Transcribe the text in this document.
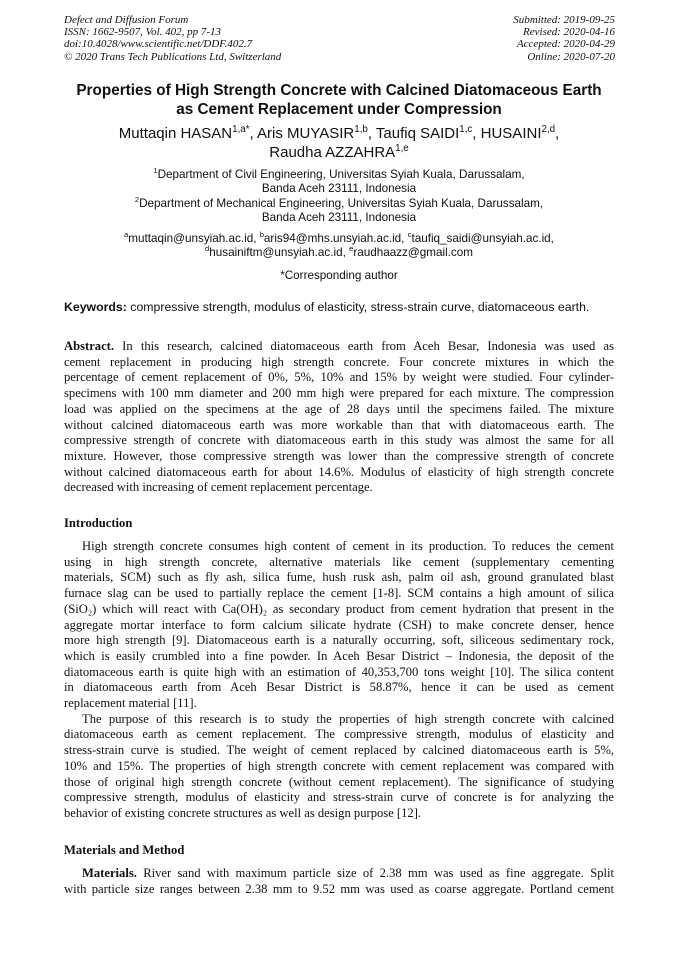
Defect and Diffusion Forum
ISSN: 1662-9507, Vol. 402, pp 7-13
doi:10.4028/www.scientific.net/DDF.402.7
© 2020 Trans Tech Publications Ltd, Switzerland
Submitted: 2019-09-25
Revised: 2020-04-16
Accepted: 2020-04-29
Online: 2020-07-20
Properties of High Strength Concrete with Calcined Diatomaceous Earth
as Cement Replacement under Compression
Muttaqin $HASAN^{1,a*}$, Aris MUYASIR$^{1,b}$, Taufiq SAIDI$^{1,c}$, HUSAINI$^{2,d}$,
Raudha AZZAHRA$^{1,e}$
$^1$Department of Civil Engineering, Universitas Syiah Kuala, Darussalam,
Banda Aceh 23111, Indonesia
$^2$Department of Mechanical Engineering, Universitas Syiah Kuala, Darussalam,
Banda Aceh 23111, Indonesia
$^a$muttaqin@unsyiah.ac.id, $^b$aris94@mhs.unsyiah.ac.id, $^c$taufiq_saidi@unsyiah.ac.id,
$^d$husainiftm@unsyiah.ac.id, $^e$raudhaazz@gmail.com
*Corresponding author
Keywords: compressive strength, modulus of elasticity, stress-strain curve, diatomaceous earth.
Abstract. In this research, calcined diatomaceous earth from Aceh Besar, Indonesia was used as
cement replacement in producing high strength concrete. Four concrete mixtures in which the
percentage of cement replacement of 0%, 5%, 10% and 15% by weight were studied. Four cylinder-
specimens with 100 mm diameter and 200 mm high were prepared for each mixture. The compression
load was applied on the specimens at the age of 28 days until the specimens failed. The mixture
without calcined diatomaceous earth was more workable than that with diatomaceous earth. The
compressive strength of concrete with diatomaceous earth in this study was almost the same for all
mixture. However, those compressive strength was lower than the compressive strength of concrete
without calcined diatomaceous earth for about 14.6%. Modulus of elasticity of high strength concrete
decreased with increasing of cement replacement percentage.
Introduction
High strength concrete consumes high content of cement in its production. To reduces the cement
using in high strength concrete, alternative materials like cement (supplementary cementing
materials, SCM) such as fly ash, silica fume, hush rusk ash, palm oil ash, ground granulated blast
furnace slag can be used to partially replace the cement [1-8]. SCM contains a high amount of silica
(SiO₂) which will react with Ca(OH)₂ as secondary product from cement hydration that present in the
aggregate mortar interface to form calcium silicate hydrate (CSH) to make concrete denser, hence
more high strength [9]. Diatomaceous earth is a naturally occurring, soft, siliceous sedimentary rock,
which is easily crumbled into a fine powder. In Aceh Besar District – Indonesia, the deposit of the
diatomaceous earth is quite high with an estimation of 40,353,700 tons weight [10]. The silica content
in diatomaceous earth from Aceh Besar District is 58.87%, hence it can be used as cement
replacement material [11].
The purpose of this research is to study the properties of high strength concrete with calcined
diatomaceous earth as cement replacement. The compressive strength, modulus of elasticity and
stress-strain curve is studied. The weight of cement replaced by calcined diatomaceous earth is 5%,
10% and 15%. The properties of high strength concrete with cement replacement was compared with
those of original high strength concrete (without cement replacement). The significance of studying
compressive strength, modulus of elasticity and stress-strain curve of concrete is for analyzing the
behavior of existing concrete structures as well as design purpose [12].
Materials and Method
Materials. River sand with maximum particle size of 2.38 mm was used as fine aggregate. Split
with particle size ranges between 2.38 mm to 9.52 mm was used as coarse aggregate. Portland cement
